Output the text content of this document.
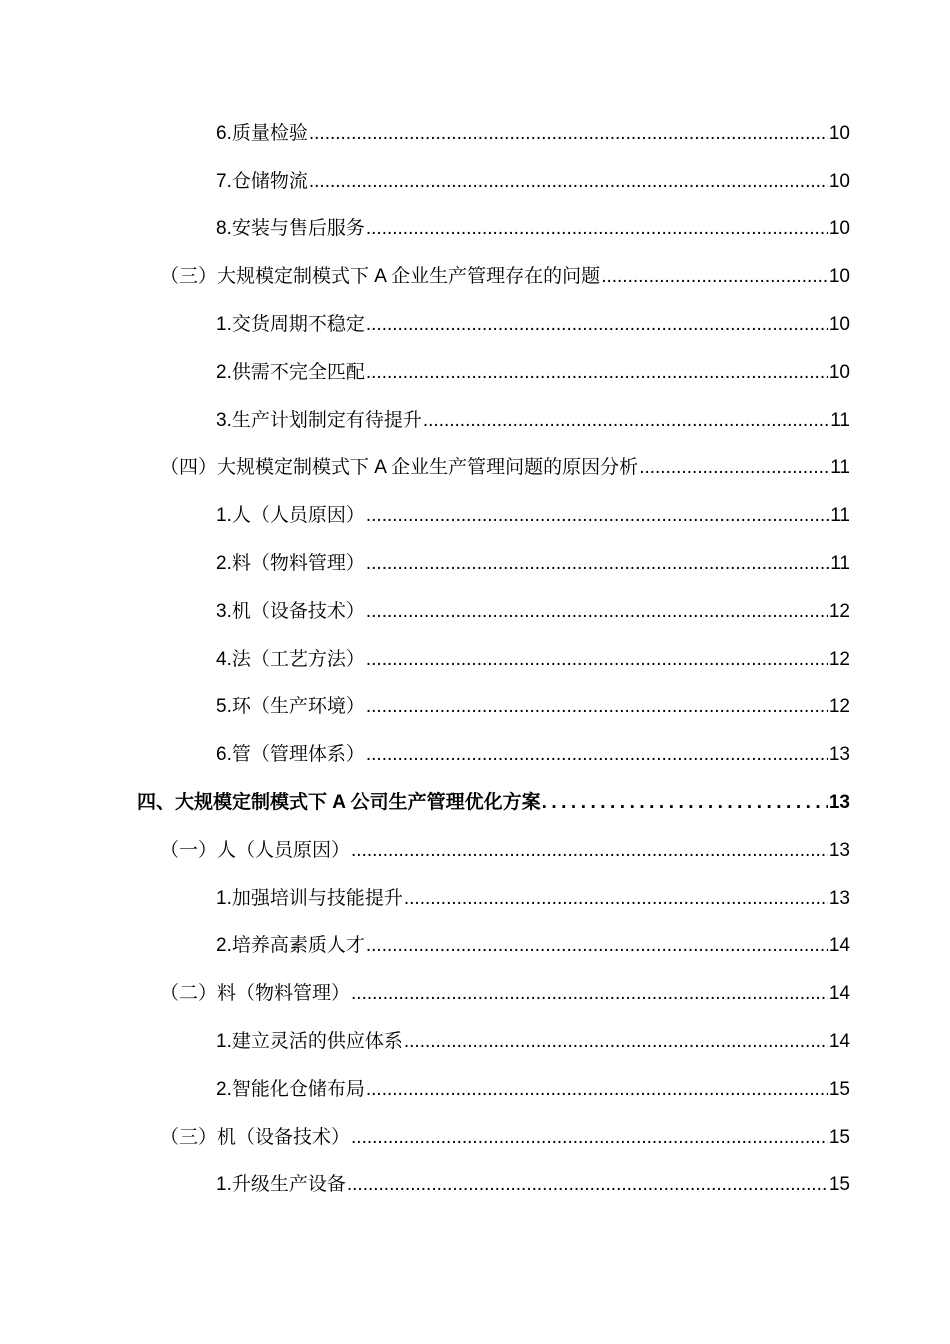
6.质量检验 .....	10
7.仓储物流 .....	10
8.安装与售后服务 .....	10
（三）大规模定制模式下 A 企业生产管理存在的问题 .....	10
1.交货周期不稳定 .....	10
2.供需不完全匹配 .....	10
3.生产计划制定有待提升 .....	11
（四）大规模定制模式下 A 企业生产管理问题的原因分析 .....	11
1.人（人员原因） .....	11
2.料（物料管理） .....	11
3.机（设备技术） .....	12
4.法（工艺方法） .....	12
5.环（生产环境） .....	12
6.管（管理体系） .....	13
四、大规模定制模式下 A 公司生产管理优化方案 .....	13
（一）人（人员原因） .....	13
1.加强培训与技能提升 .....	13
2.培养高素质人才 .....	14
（二）料（物料管理） .....	14
1.建立灵活的供应体系 .....	14
2.智能化仓储布局 .....	15
（三）机（设备技术） .....	15
1.升级生产设备 .....	15
